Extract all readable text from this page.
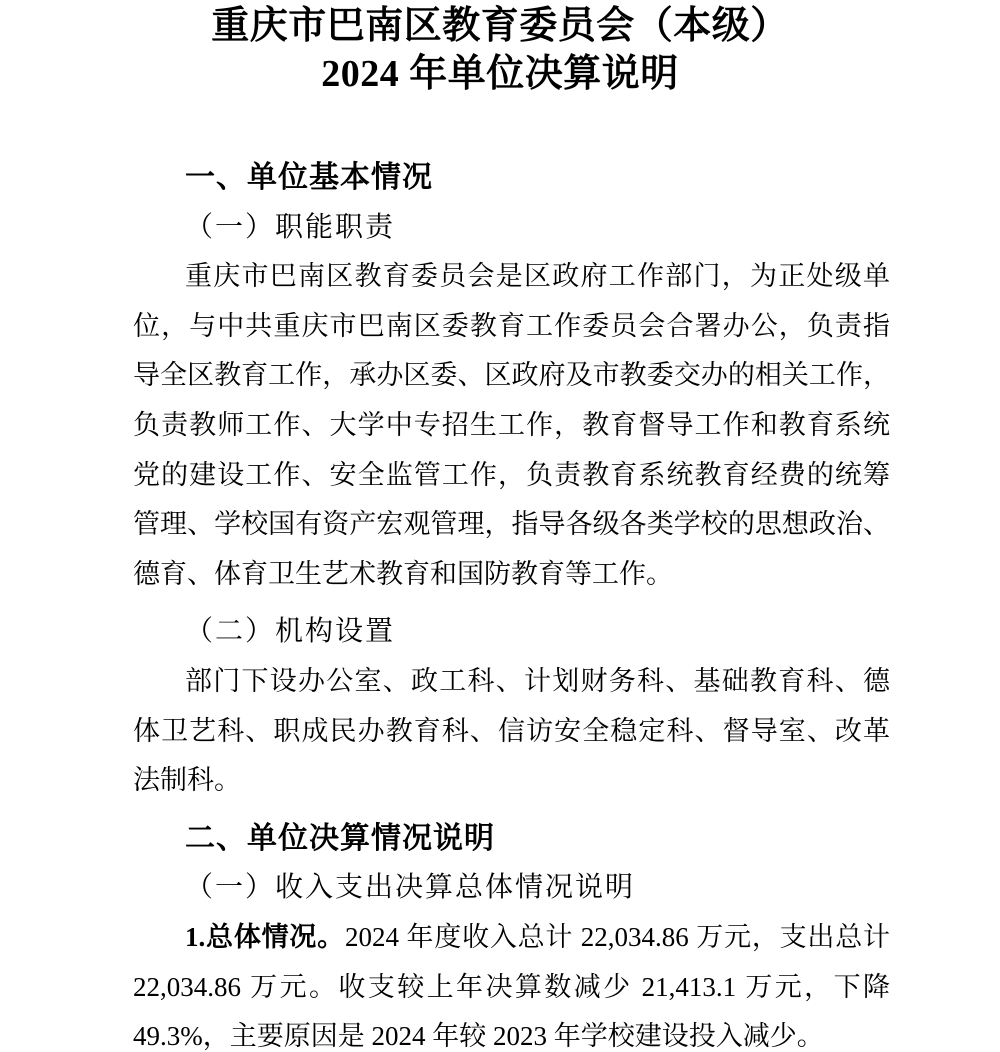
重庆市巴南区教育委员会（本级）
2024 年单位决算说明
一、单位基本情况
（一）职能职责
重庆市巴南区教育委员会是区政府工作部门，为正处级单
位，与中共重庆市巴南区委教育工作委员会合署办公，负责指
导全区教育工作，承办区委、区政府及市教委交办的相关工作，
负责教师工作、大学中专招生工作，教育督导工作和教育系统
党的建设工作、安全监管工作，负责教育系统教育经费的统筹
管理、学校国有资产宏观管理，指导各级各类学校的思想政治、
德育、体育卫生艺术教育和国防教育等工作。
（二）机构设置
部门下设办公室、政工科、计划财务科、基础教育科、德
体卫艺科、职成民办教育科、信访安全稳定科、督导室、改革
法制科。
二、单位决算情况说明
（一）收入支出决算总体情况说明
1.总体情况。2024 年度收入总计 22,034.86 万元，支出总计
22,034.86 万元。收支较上年决算数减少 21,413.1 万元，下降
49.3%，主要原因是 2024 年较 2023 年学校建设投入减少。
